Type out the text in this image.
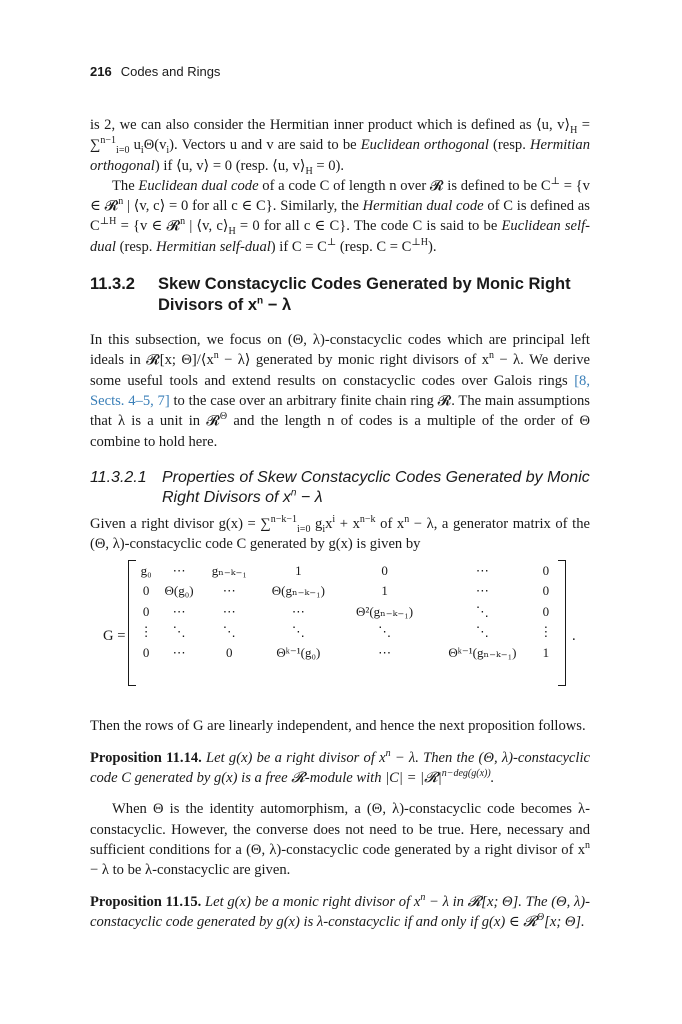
216 Codes and Rings

is 2, we can also consider the Hermitian inner product which is defined as ⟨u, $v⟩_H = \sum^{n-1}_{i=0}$ $u_i\Theta(v_i)$. Vectors u and v are said to be Euclidean orthogonal (resp. Hermitian orthogonal) if ⟨u, v⟩ = 0 (resp. ⟨u, $v⟩_H = 0$).

The Euclidean dual code of a code C of length n over 𝓡 is defined to be C⊥ = {v ∈ 𝓡$^n$ | ⟨v, c⟩ = 0 for all c ∈ C}. Similarly, the Hermitian dual code of C is defined as $C^{\perp H} = \{v$ ∈ 𝓡$^n$ | ⟨v, $c⟩_H = 0$ for all c ∈ C}. The code C is said to be Euclidean self-dual (resp. Hermitian self-dual) if C = C⊥ (resp. $C = C^{\perp H}$).

11.3.2	Skew Constacyclic Codes Generated by Monic Right Divisors of $x^n - \lambda$

In this subsection, we focus on (Θ, λ)-constacyclic codes which are principal left ideals in 𝓡[x; $\Theta]/⟨x^n$ − λ⟩ generated by monic right divisors of $x^n - \lambda$. We derive some useful tools and extend results on constacyclic codes over Galois rings [8, Sects. 4–5, 7] to the case over an arbitrary finite chain ring 𝓡. The main assumptions that λ is a unit in 𝓡$^\Theta$ and the length n of codes is a multiple of the order of Θ combine to hold here.

11.3.2.1 Properties of Skew Constacyclic Codes Generated by Monic Right Divisors of $x^n - \lambda$

Given a right divisor g(x) = ∑$^{n-k-1}_{i=0}$ $g_ix^i + x^{n-k}$ of $x^n - \lambda$, a generator matrix of the (Θ, λ)-constacyclic code C generated by g(x) is given by

G =
g₀	⋯	gₙ₋ₖ₋₁	1	0	⋯	0
0	Θ(g₀)	⋯	Θ(gₙ₋ₖ₋₁)	1	⋯	0
0	⋯	⋯	⋯	Θ²(gₙ₋ₖ₋₁)	⋱	0
⋮	⋱	⋱	⋱	⋱	⋱	⋮
0	⋯	0	Θᵏ⁻¹(g₀)	⋯	Θᵏ⁻¹(gₙ₋ₖ₋₁)	1
.

Then the rows of G are linearly independent, and hence the next proposition follows.

Proposition 11.14. Let g(x) be a right divisor of $x^n - \lambda$. Then the (Θ, λ)-constacyclic code C generated by g(x) is a free 𝓡-module with $|C| = |𝓡|^{n-deg(g(x))}$.

When Θ is the identity automorphism, a (Θ, λ)-constacyclic code becomes λ-constacyclic. However, the converse does not need to be true. Here, necessary and sufficient conditions for a (Θ, λ)-constacyclic code generated by a right divisor of $x^n - \lambda$ to be λ-constacyclic are given.

Proposition 11.15. Let g(x) be a monic right divisor of $x^n - \lambda$ in 𝓡[x; Θ]. The (Θ, λ)-constacyclic code generated by g(x) is λ-constacyclic if and only if g(x) ∈ 𝓡$^\Theta$[x; Θ].
